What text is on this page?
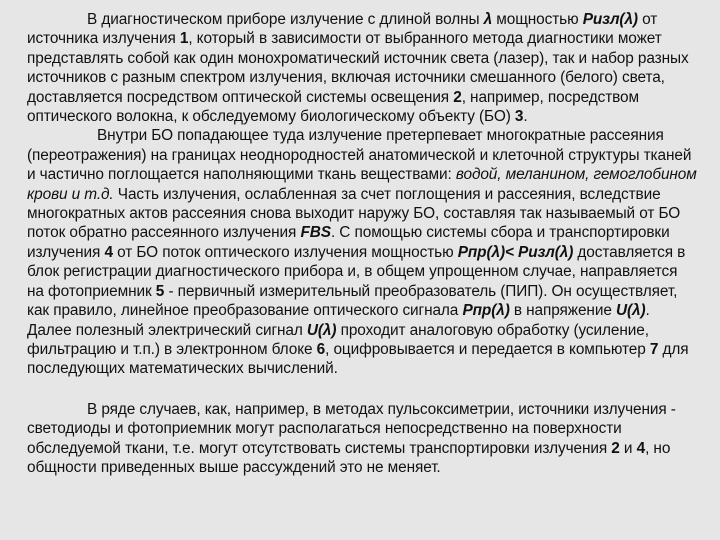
В диагностическом приборе излучение с длиной волны λ мощностью Ризл(λ) от источника излучения 1, который в зависимости от выбранного метода диагностики может представлять собой как один монохроматический источник света (лазер), так и набор разных источников с разным спектром излучения, включая источники смешанного (белого) света, доставляется посредством оптической системы освещения 2, например, посредством оптического волокна, к обследуемому биологическому объекту (БО) 3.

Внутри БО попадающее туда излучение претерпевает многократные рассеяния (переотражения) на границах неоднородностей анатомической и клеточной структуры тканей и частично поглощается наполняющими ткань веществами: водой, меланином, гемоглобином крови и т.д. Часть излучения, ослабленная за счет поглощения и рассеяния, вследствие многократных актов рассеяния снова выходит наружу БО, составляя так называемый от БО поток обратно рассеянного излучения FBS. С помощью системы сбора и транспортировки излучения 4 от БО поток оптического излучения мощностью Рпр(λ)< Ризл(λ) доставляется в блок регистрации диагностического прибора и, в общем упрощенном случае, направляется на фотоприемник 5 - первичный измерительный преобразователь (ПИП). Он осуществляет, как правило, линейное преобразование оптического сигнала Рпр(λ) в напряжение U(λ). Далее полезный электрический сигнал U(λ) проходит аналоговую обработку (усиление, фильтрацию и т.п.) в электронном блоке 6, оцифровывается и передается в компьютер 7 для последующих математических вычислений.

В ряде случаев, как, например, в методах пульсоксиметрии, источники излучения - светодиоды и фотоприемник могут располагаться непосредственно на поверхности обследуемой ткани, т.е. могут отсутствовать системы транспортировки излучения 2 и 4, но общности приведенных выше рассуждений это не меняет.
